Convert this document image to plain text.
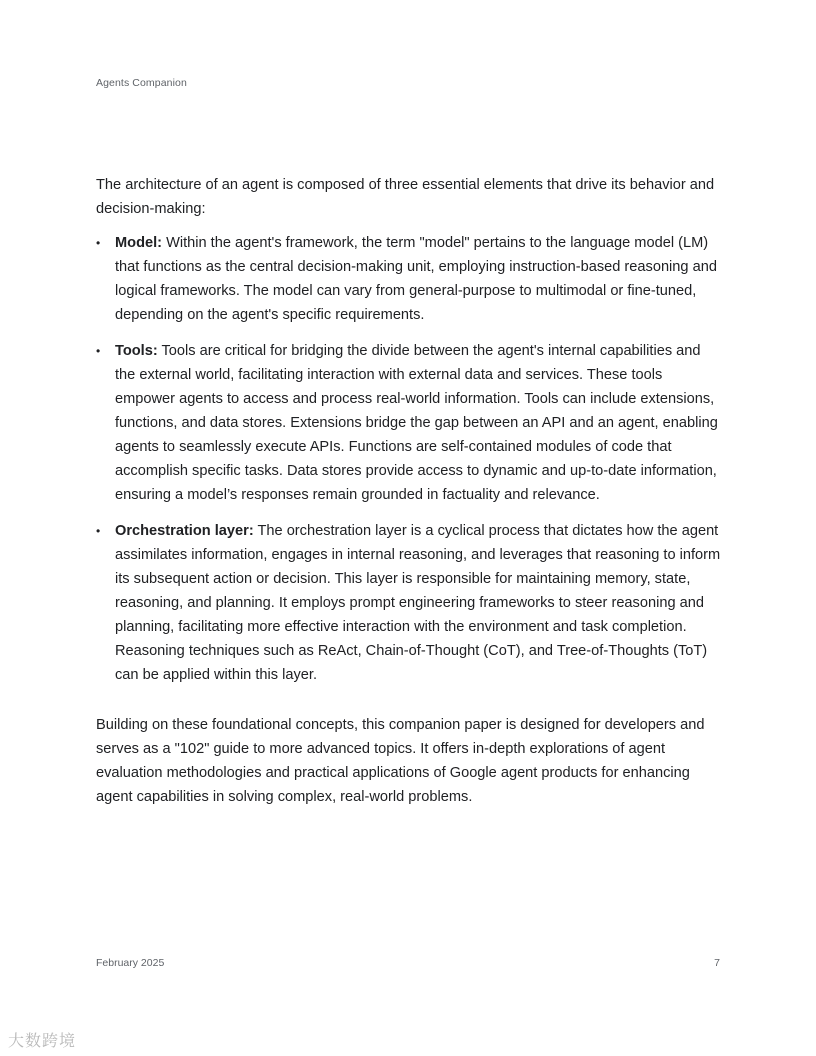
Agents Companion

The architecture of an agent is composed of three essential elements that drive its behavior and decision-making:

• Model: Within the agent's framework, the term "model" pertains to the language model (LM) that functions as the central decision-making unit, employing instruction-based reasoning and logical frameworks. The model can vary from general-purpose to multimodal or fine-tuned, depending on the agent's specific requirements.
• Tools: Tools are critical for bridging the divide between the agent's internal capabilities and the external world, facilitating interaction with external data and services. These tools empower agents to access and process real-world information. Tools can include extensions, functions, and data stores. Extensions bridge the gap between an API and an agent, enabling agents to seamlessly execute APIs. Functions are self-contained modules of code that accomplish specific tasks. Data stores provide access to dynamic and up-to-date information, ensuring a model’s responses remain grounded in factuality and relevance.
• Orchestration layer: The orchestration layer is a cyclical process that dictates how the agent assimilates information, engages in internal reasoning, and leverages that reasoning to inform its subsequent action or decision. This layer is responsible for maintaining memory, state, reasoning, and planning. It employs prompt engineering frameworks to steer reasoning and planning, facilitating more effective interaction with the environment and task completion. Reasoning techniques such as ReAct, Chain-of-Thought (CoT), and Tree-of-Thoughts (ToT) can be applied within this layer.

Building on these foundational concepts, this companion paper is designed for developers and serves as a "102" guide to more advanced topics. It offers in-depth explorations of agent evaluation methodologies and practical applications of Google agent products for enhancing agent capabilities in solving complex, real-world problems.

February 2025	7
大数跨境
